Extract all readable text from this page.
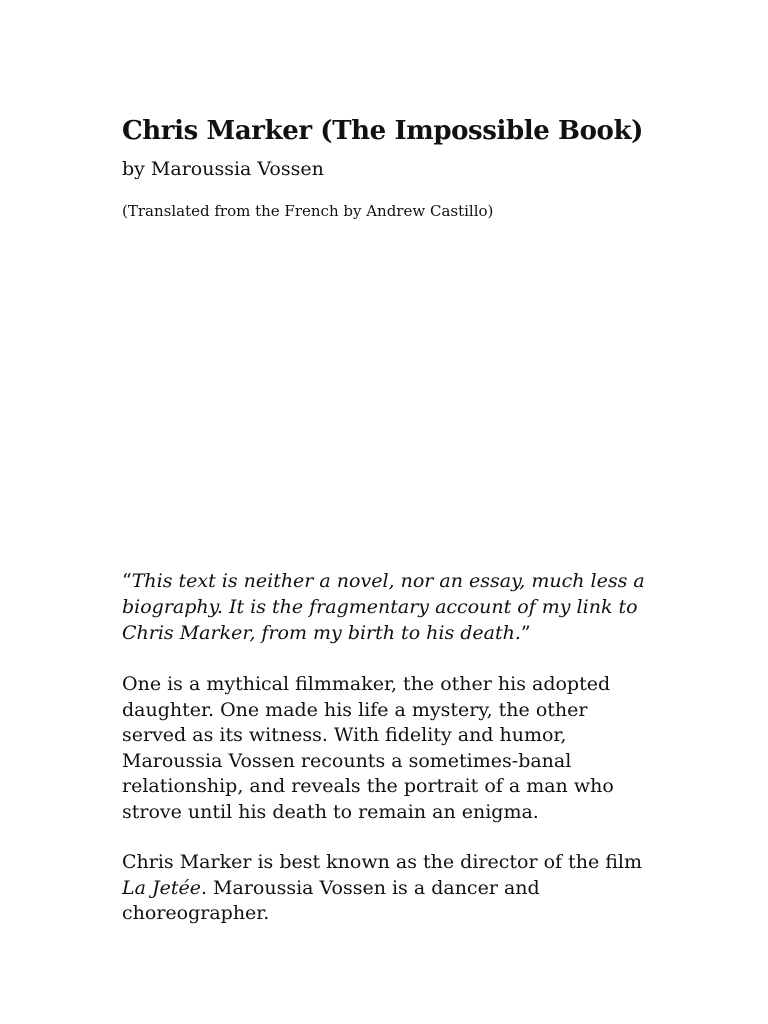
Chris Marker (The Impossible Book)

by Maroussia Vossen

(Translated from the French by Andrew Castillo)

“This text is neither a novel, nor an essay, much less a biography. It is the fragmentary account of my link to Chris Marker, from my birth to his death.”

One is a mythical filmmaker, the other his adopted daughter. One made his life a mystery, the other served as its witness. With fidelity and humor, Maroussia Vossen recounts a sometimes-banal relationship, and reveals the portrait of a man who strove until his death to remain an enigma.

Chris Marker is best known as the director of the film La Jetée. Maroussia Vossen is a dancer and choreographer.
